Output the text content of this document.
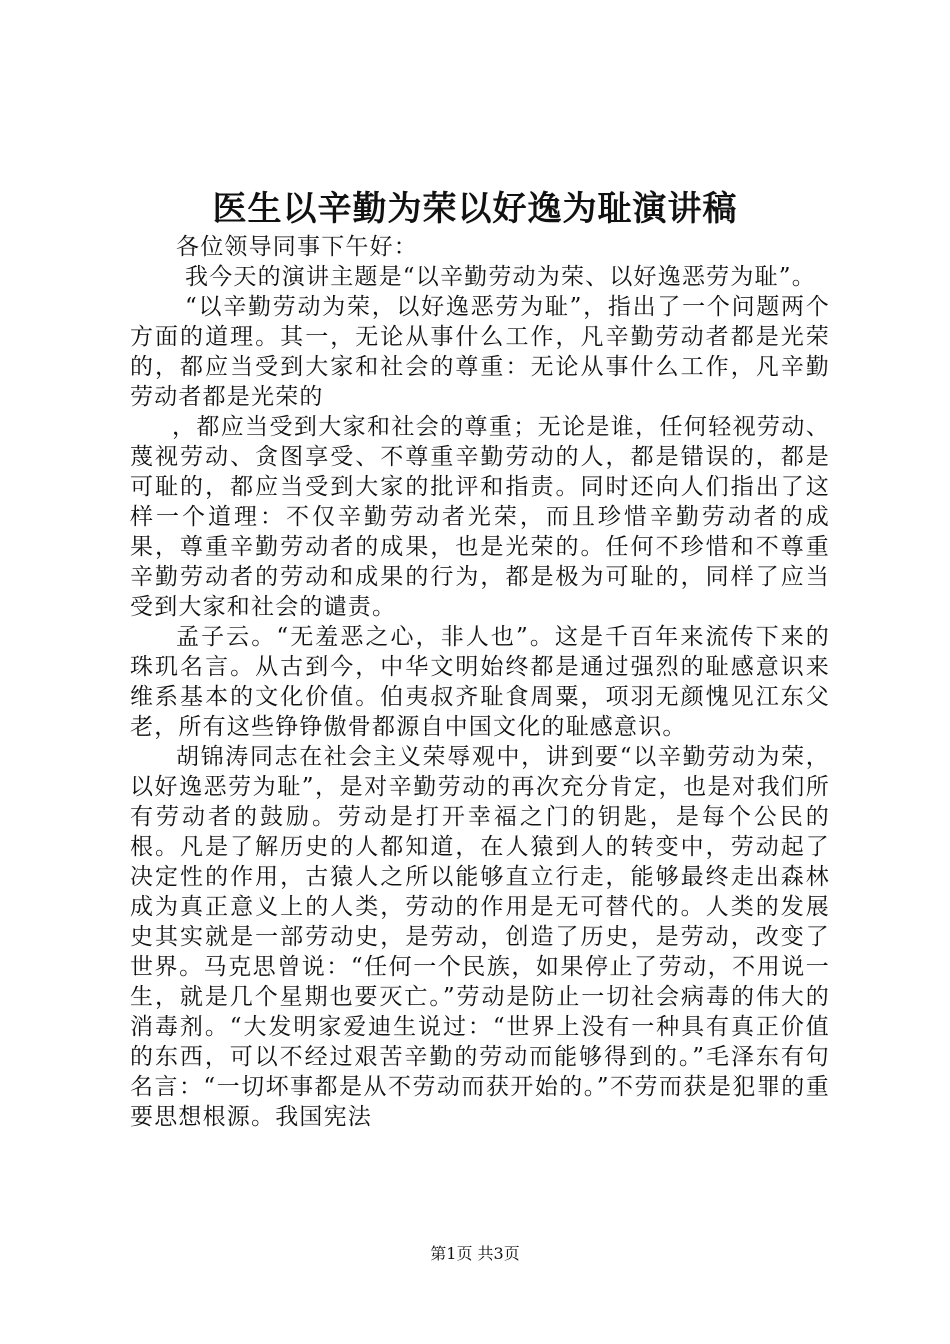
医生以辛勤为荣以好逸为耻演讲稿

各位领导同事下午好：

我今天的演讲主题是“以辛勤劳动为荣、以好逸恶劳为耻”。

“以辛勤劳动为荣，以好逸恶劳为耻”，指出了一个问题两个方面的道理。其一，无论从事什么工作，凡辛勤劳动者都是光荣的，都应当受到大家和社会的尊重：无论从事什么工作，凡辛勤劳动者都是光荣的

，都应当受到大家和社会的尊重；无论是谁，任何轻视劳动、蔑视劳动、贪图享受、不尊重辛勤劳动的人，都是错误的，都是可耻的，都应当受到大家的批评和指责。同时还向人们指出了这样一个道理：不仅辛勤劳动者光荣，而且珍惜辛勤劳动者的成果，尊重辛勤劳动者的成果，也是光荣的。任何不珍惜和不尊重辛勤劳动者的劳动和成果的行为，都是极为可耻的，同样了应当受到大家和社会的谴责。

孟子云。“无羞恶之心，非人也”。这是千百年来流传下来的珠玑名言。从古到今，中华文明始终都是通过强烈的耻感意识来维系基本的文化价值。伯夷叔齐耻食周粟，项羽无颜愧见江东父老，所有这些铮铮傲骨都源自中国文化的耻感意识。

胡锦涛同志在社会主义荣辱观中，讲到要“以辛勤劳动为荣，以好逸恶劳为耻”，是对辛勤劳动的再次充分肯定，也是对我们所有劳动者的鼓励。劳动是打开幸福之门的钥匙，是每个公民的根。凡是了解历史的人都知道，在人猿到人的转变中，劳动起了决定性的作用，古猿人之所以能够直立行走，能够最终走出森林成为真正意义上的人类，劳动的作用是无可替代的。人类的发展史其实就是一部劳动史，是劳动，创造了历史，是劳动，改变了世界。马克思曾说：“任何一个民族，如果停止了劳动，不用说一生，就是几个星期也要灭亡。”劳动是防止一切社会病毒的伟大的消毒剂。“大发明家爱迪生说过：“世界上没有一种具有真正价值的东西，可以不经过艰苦辛勤的劳动而能够得到的。”毛泽东有句名言：“一切坏事都是从不劳动而获开始的。”不劳而获是犯罪的重要思想根源。我国宪法

第1页 共3页
